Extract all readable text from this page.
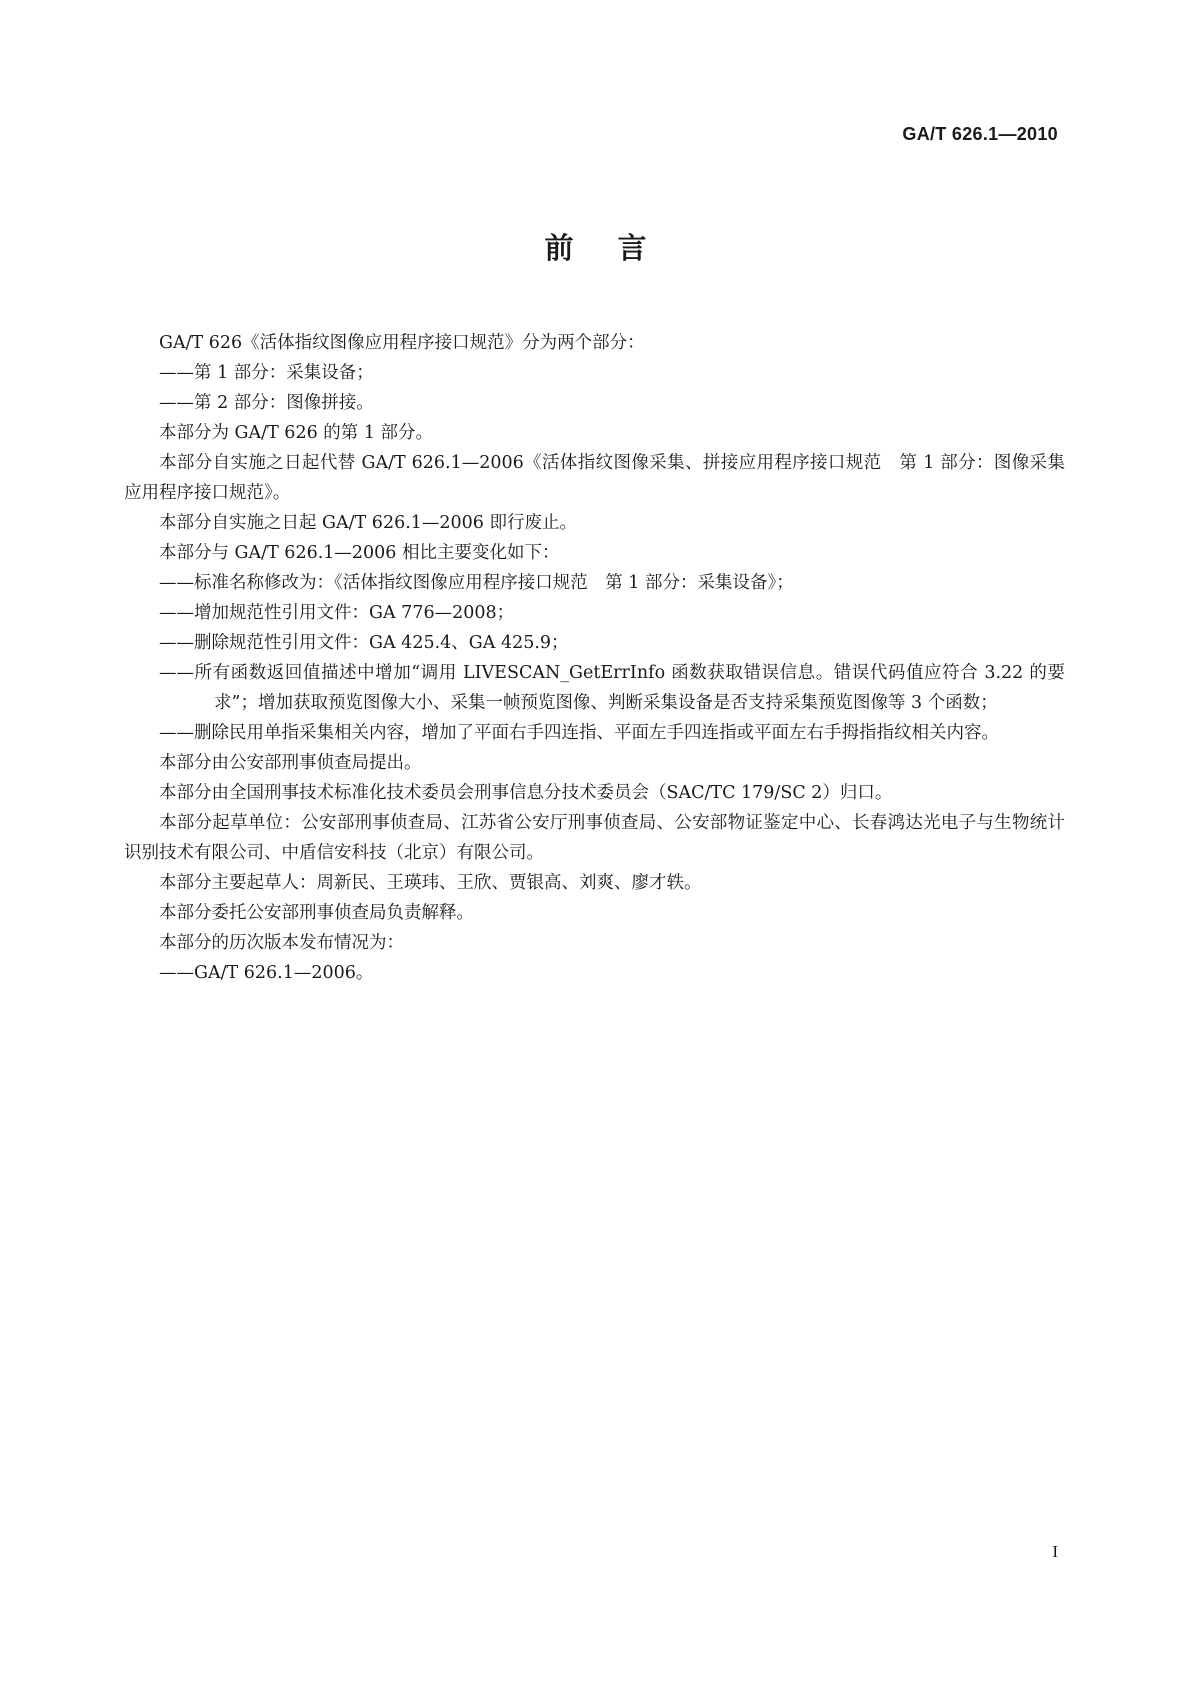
GA/T 626.1—2010
前言

GA/T 626《活体指纹图像应用程序接口规范》分为两个部分：

——第 1 部分：采集设备；

——第 2 部分：图像拼接。

本部分为 GA/T 626 的第 1 部分。

本部分自实施之日起代替 GA/T 626.1—2006《活体指纹图像采集、拼接应用程序接口规范　第 1 部分：图像采集应用程序接口规范》。

本部分自实施之日起 GA/T 626.1—2006 即行废止。

本部分与 GA/T 626.1—2006 相比主要变化如下：

——标准名称修改为：《活体指纹图像应用程序接口规范　第 1 部分：采集设备》；

——增加规范性引用文件：GA 776—2008；

——删除规范性引用文件：GA 425.4、GA 425.9；

——所有函数返回值描述中增加“调用 LIVESCAN_GetErrInfo 函数获取错误信息。错误代码值应符合 3.22 的要求”；增加获取预览图像大小、采集一帧预览图像、判断采集设备是否支持采集预览图像等 3 个函数；

——删除民用单指采集相关内容，增加了平面右手四连指、平面左手四连指或平面左右手拇指指纹相关内容。

本部分由公安部刑事侦查局提出。

本部分由全国刑事技术标准化技术委员会刑事信息分技术委员会（SAC/TC 179/SC 2）归口。

本部分起草单位：公安部刑事侦查局、江苏省公安厅刑事侦查局、公安部物证鉴定中心、长春鸿达光电子与生物统计识别技术有限公司、中盾信安科技（北京）有限公司。

本部分主要起草人：周新民、王瑛玮、王欣、贾银高、刘爽、廖才轶。

本部分委托公安部刑事侦查局负责解释。

本部分的历次版本发布情况为：

——GA/T 626.1—2006。

I
